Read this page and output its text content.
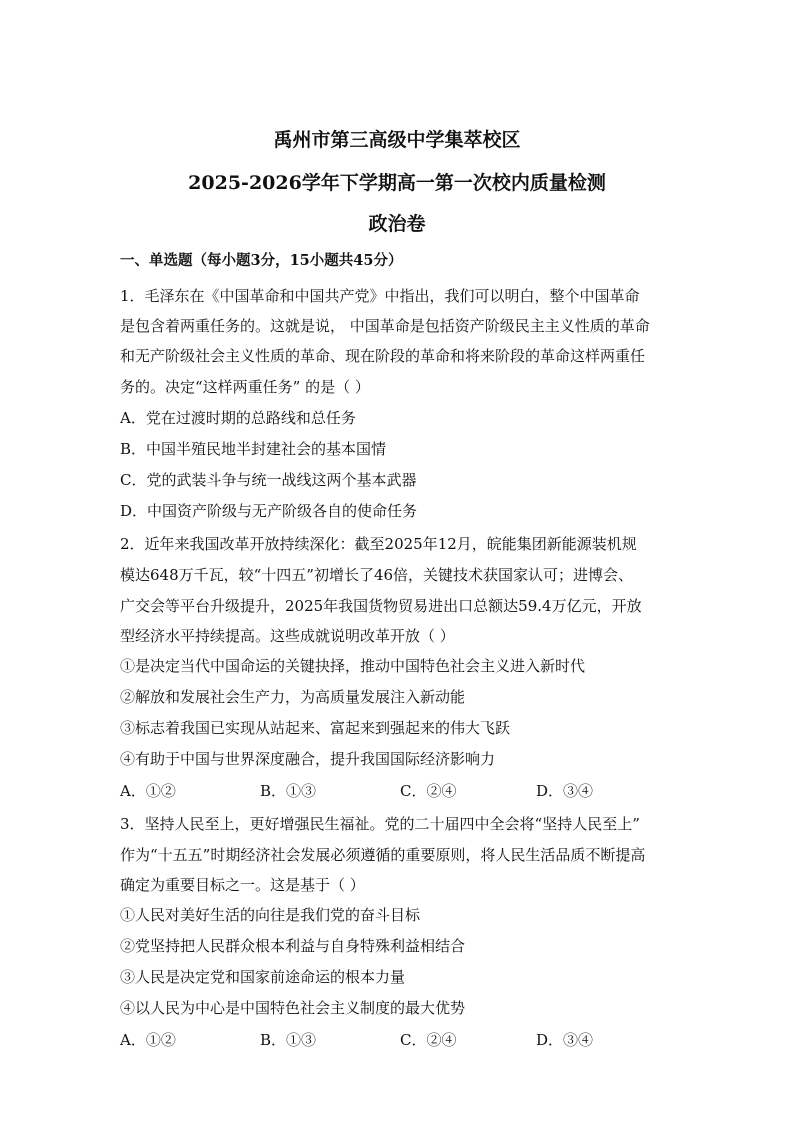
禹州市第三高级中学集萃校区
2025-2026学年下学期高一第一次校内质量检测
政治卷
一、单选题（每小题3分，15小题共45分）
1．毛泽东在《中国革命和中国共产党》中指出，我们可以明白，整个中国革命
是包含着两重任务的。这就是说， 中国革命是包括资产阶级民主主义性质的革命
和无产阶级社会主义性质的革命、现在阶段的革命和将来阶段的革命这样两重任
务的。决定“这样两重任务” 的是（ ）
A．党在过渡时期的总路线和总任务
B．中国半殖民地半封建社会的基本国情
C．党的武装斗争与统一战线这两个基本武器
D．中国资产阶级与无产阶级各自的使命任务
2．近年来我国改革开放持续深化：截至2025年12月，皖能集团新能源装机规
模达648万千瓦，较“十四五”初增长了46倍，关键技术获国家认可；进博会、
广交会等平台升级提升，2025年我国货物贸易进出口总额达59.4万亿元，开放
型经济水平持续提高。这些成就说明改革开放（ ）
①是决定当代中国命运的关键抉择，推动中国特色社会主义进入新时代
②解放和发展社会生产力，为高质量发展注入新动能
③标志着我国已实现从站起来、富起来到强起来的伟大飞跃
④有助于中国与世界深度融合，提升我国国际经济影响力
A．①②	B．①③	C．②④	D．③④
3．坚持人民至上，更好增强民生福祉。党的二十届四中全会将“坚持人民至上”
作为“十五五”时期经济社会发展必须遵循的重要原则，将人民生活品质不断提高
确定为重要目标之一。这是基于（ ）
①人民对美好生活的向往是我们党的奋斗目标
②党坚持把人民群众根本利益与自身特殊利益相结合
③人民是决定党和国家前途命运的根本力量
④以人民为中心是中国特色社会主义制度的最大优势
A．①②	B．①③	C．②④	D．③④
